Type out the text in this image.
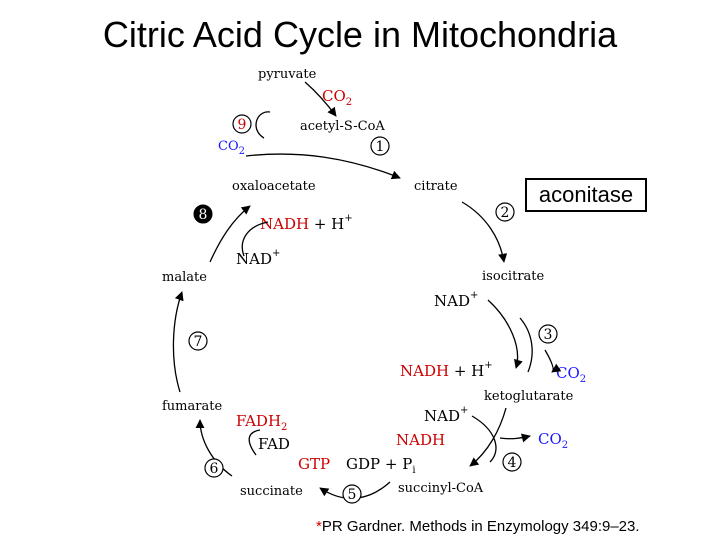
Citric Acid Cycle in Mitochondria
pyruvate
acetyl-S-CoA
oxaloacetate	citrate
isocitrate
ketoglutarate
succinyl-CoA
succinate
fumarate
malate
$CO_2$
$CO_2$
NADH + H+
NAD+
NAD+
NADH + H+	$CO_2$
NAD+
NADH	$CO_2$
$FADH_2$
FAD
GTP GDP + $P_i$
9
1
2
3
4
5
6
7
8
aconitase
*PR Gardner. Methods in Enzymology 349:9–23.
